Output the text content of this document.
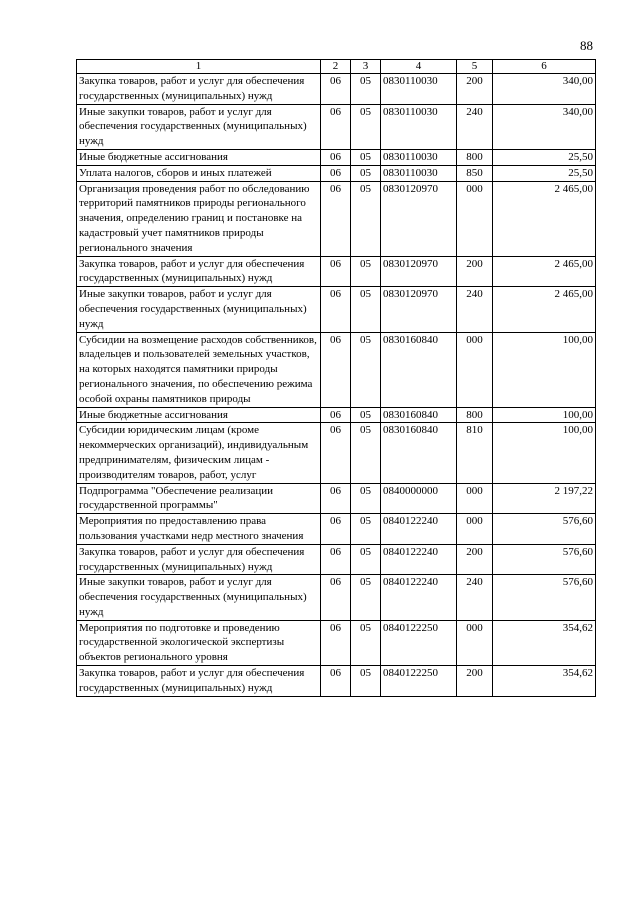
88
1	2	3	4	5	6
Закупка товаров, работ и услуг для обеспечения государственных (муниципальных) нужд	06	05	0830110030	200	340,00
Иные закупки товаров, работ и услуг для обеспечения государственных (муниципальных) нужд	06	05	0830110030	240	340,00
Иные бюджетные ассигнования	06	05	0830110030	800	25,50
Уплата налогов, сборов и иных платежей	06	05	0830110030	850	25,50
Организация проведения работ по обследованию территорий памятников природы регионального значения, определению границ и постановке на кадастровый учет памятников природы регионального значения	06	05	0830120970	000	2 465,00
Закупка товаров, работ и услуг для обеспечения государственных (муниципальных) нужд	06	05	0830120970	200	2 465,00
Иные закупки товаров, работ и услуг для обеспечения государственных (муниципальных) нужд	06	05	0830120970	240	2 465,00
Субсидии на возмещение расходов собственников, владельцев и пользователей земельных участков, на которых находятся памятники природы регионального значения, по обеспечению режима особой охраны памятников природы	06	05	0830160840	000	100,00
Иные бюджетные ассигнования	06	05	0830160840	800	100,00
Субсидии юридическим лицам (кроме некоммерческих организаций), индивидуальным предпринимателям, физическим лицам - производителям товаров, работ, услуг	06	05	0830160840	810	100,00
Подпрограмма "Обеспечение реализации государственной программы"	06	05	0840000000	000	2 197,22
Мероприятия по предоставлению права пользования участками недр местного значения	06	05	0840122240	000	576,60
Закупка товаров, работ и услуг для обеспечения государственных (муниципальных) нужд	06	05	0840122240	200	576,60
Иные закупки товаров, работ и услуг для обеспечения государственных (муниципальных) нужд	06	05	0840122240	240	576,60
Мероприятия по подготовке и проведению государственной экологической экспертизы объектов регионального уровня	06	05	0840122250	000	354,62
Закупка товаров, работ и услуг для обеспечения государственных (муниципальных) нужд	06	05	0840122250	200	354,62
